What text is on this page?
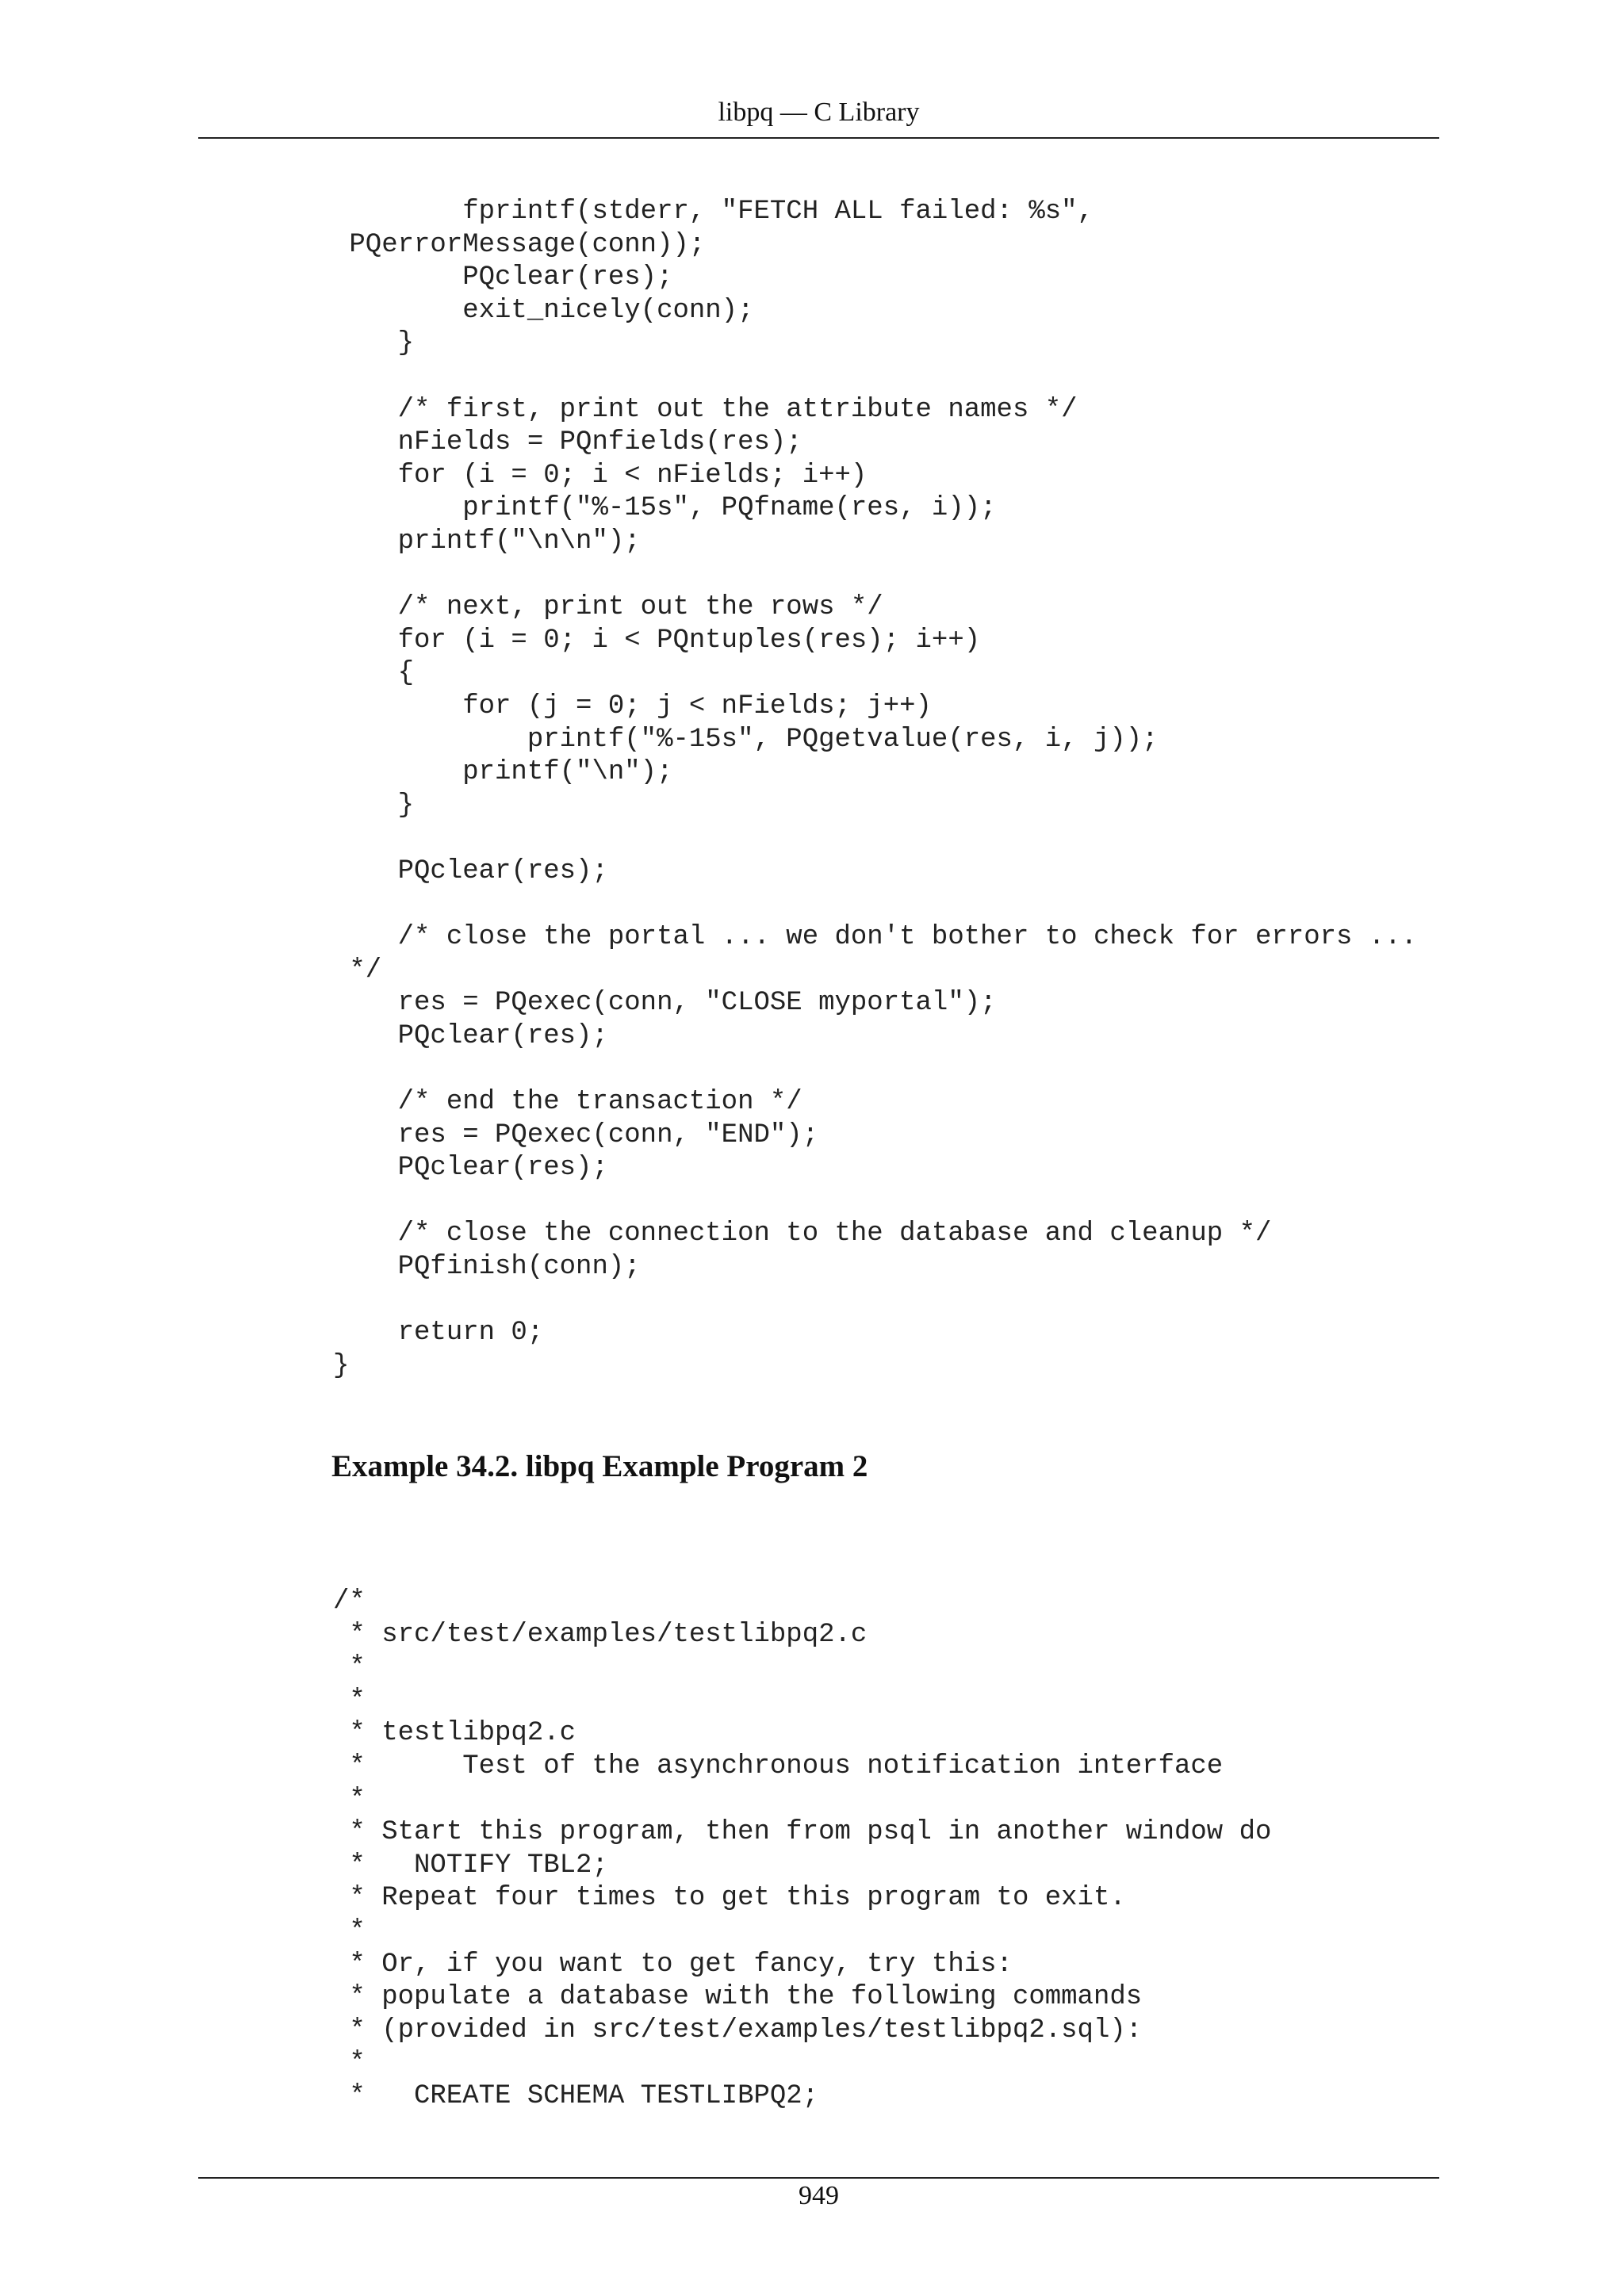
libpq — C Library
fprintf(stderr, "FETCH ALL failed: %s",
PQerrorMessage(conn));
PQclear(res);
exit_nicely(conn);
}

/* first, print out the attribute names */
nFields = PQnfields(res);
for (i = 0; i < nFields; i++)
printf("%-15s", PQfname(res, i));
printf("\n\n");

/* next, print out the rows */
for (i = 0; i < PQntuples(res); i++)
{
for (j = 0; j < nFields; j++)
printf("%-15s", PQgetvalue(res, i, j));
printf("\n");
}

PQclear(res);

/* close the portal ... we don't bother to check for errors ...
*/
res = PQexec(conn, "CLOSE myportal");
PQclear(res);

/* end the transaction */
res = PQexec(conn, "END");
PQclear(res);

/* close the connection to the database and cleanup */
PQfinish(conn);

return 0;
}
Example 34.2. libpq Example Program 2
/*
* src/test/examples/testlibpq2.c
*
*
* testlibpq2.c
*      Test of the asynchronous notification interface
*
* Start this program, then from psql in another window do
*   NOTIFY TBL2;
* Repeat four times to get this program to exit.
*
* Or, if you want to get fancy, try this:
* populate a database with the following commands
* (provided in src/test/examples/testlibpq2.sql):
*
*   CREATE SCHEMA TESTLIBPQ2;
949
